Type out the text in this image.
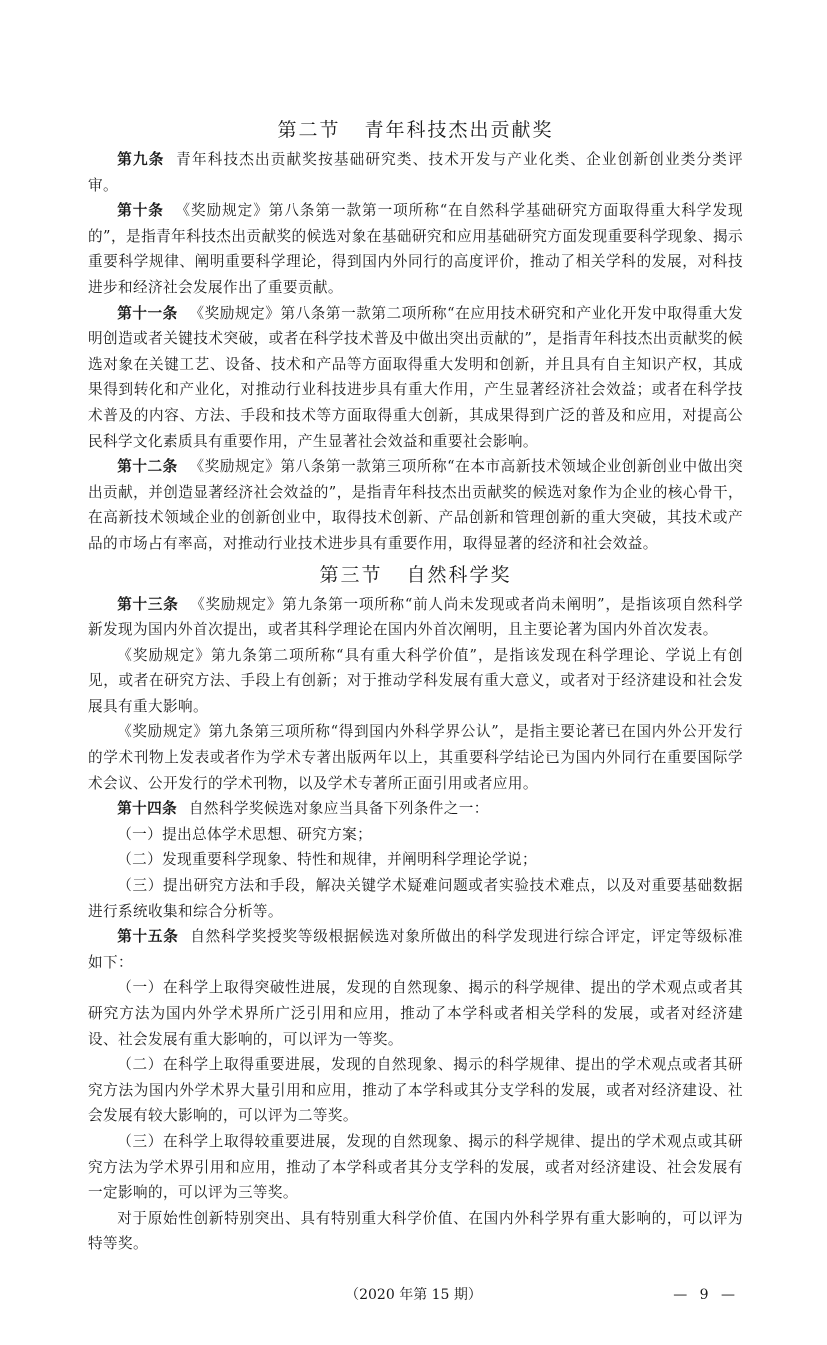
第二节 青年科技杰出贡献奖

第九条 青年科技杰出贡献奖按基础研究类、技术开发与产业化类、企业创新创业类分类评审。

第十条 《奖励规定》第八条第一款第一项所称“在自然科学基础研究方面取得重大科学发现的”，是指青年科技杰出贡献奖的候选对象在基础研究和应用基础研究方面发现重要科学现象、揭示重要科学规律、阐明重要科学理论，得到国内外同行的高度评价，推动了相关学科的发展，对科技进步和经济社会发展作出了重要贡献。

第十一条 《奖励规定》第八条第一款第二项所称“在应用技术研究和产业化开发中取得重大发明创造或者关键技术突破，或者在科学技术普及中做出突出贡献的”，是指青年科技杰出贡献奖的候选对象在关键工艺、设备、技术和产品等方面取得重大发明和创新，并且具有自主知识产权，其成果得到转化和产业化，对推动行业科技进步具有重大作用，产生显著经济社会效益；或者在科学技术普及的内容、方法、手段和技术等方面取得重大创新，其成果得到广泛的普及和应用，对提高公民科学文化素质具有重要作用，产生显著社会效益和重要社会影响。

第十二条 《奖励规定》第八条第一款第三项所称“在本市高新技术领域企业创新创业中做出突出贡献，并创造显著经济社会效益的”，是指青年科技杰出贡献奖的候选对象作为企业的核心骨干，在高新技术领域企业的创新创业中，取得技术创新、产品创新和管理创新的重大突破，其技术或产品的市场占有率高，对推动行业技术进步具有重要作用，取得显著的经济和社会效益。

第三节 自然科学奖

第十三条 《奖励规定》第九条第一项所称“前人尚未发现或者尚未阐明”，是指该项自然科学新发现为国内外首次提出，或者其科学理论在国内外首次阐明，且主要论著为国内外首次发表。

《奖励规定》第九条第二项所称“具有重大科学价值”，是指该发现在科学理论、学说上有创见，或者在研究方法、手段上有创新；对于推动学科发展有重大意义，或者对于经济建设和社会发展具有重大影响。

《奖励规定》第九条第三项所称“得到国内外科学界公认”，是指主要论著已在国内外公开发行的学术刊物上发表或者作为学术专著出版两年以上，其重要科学结论已为国内外同行在重要国际学术会议、公开发行的学术刊物，以及学术专著所正面引用或者应用。

第十四条 自然科学奖候选对象应当具备下列条件之一：

（一）提出总体学术思想、研究方案；

（二）发现重要科学现象、特性和规律，并阐明科学理论学说；

（三）提出研究方法和手段，解决关键学术疑难问题或者实验技术难点，以及对重要基础数据进行系统收集和综合分析等。

第十五条 自然科学奖授奖等级根据候选对象所做出的科学发现进行综合评定，评定等级标准如下：

（一）在科学上取得突破性进展，发现的自然现象、揭示的科学规律、提出的学术观点或者其研究方法为国内外学术界所广泛引用和应用，推动了本学科或者相关学科的发展，或者对经济建设、社会发展有重大影响的，可以评为一等奖。

（二）在科学上取得重要进展，发现的自然现象、揭示的科学规律、提出的学术观点或者其研究方法为国内外学术界大量引用和应用，推动了本学科或其分支学科的发展，或者对经济建设、社会发展有较大影响的，可以评为二等奖。

（三）在科学上取得较重要进展，发现的自然现象、揭示的科学规律、提出的学术观点或其研究方法为学术界引用和应用，推动了本学科或者其分支学科的发展，或者对经济建设、社会发展有一定影响的，可以评为三等奖。

对于原始性创新特别突出、具有特别重大科学价值、在国内外科学界有重大影响的，可以评为特等奖。

（2020 年第 15 期）	— 9 —
